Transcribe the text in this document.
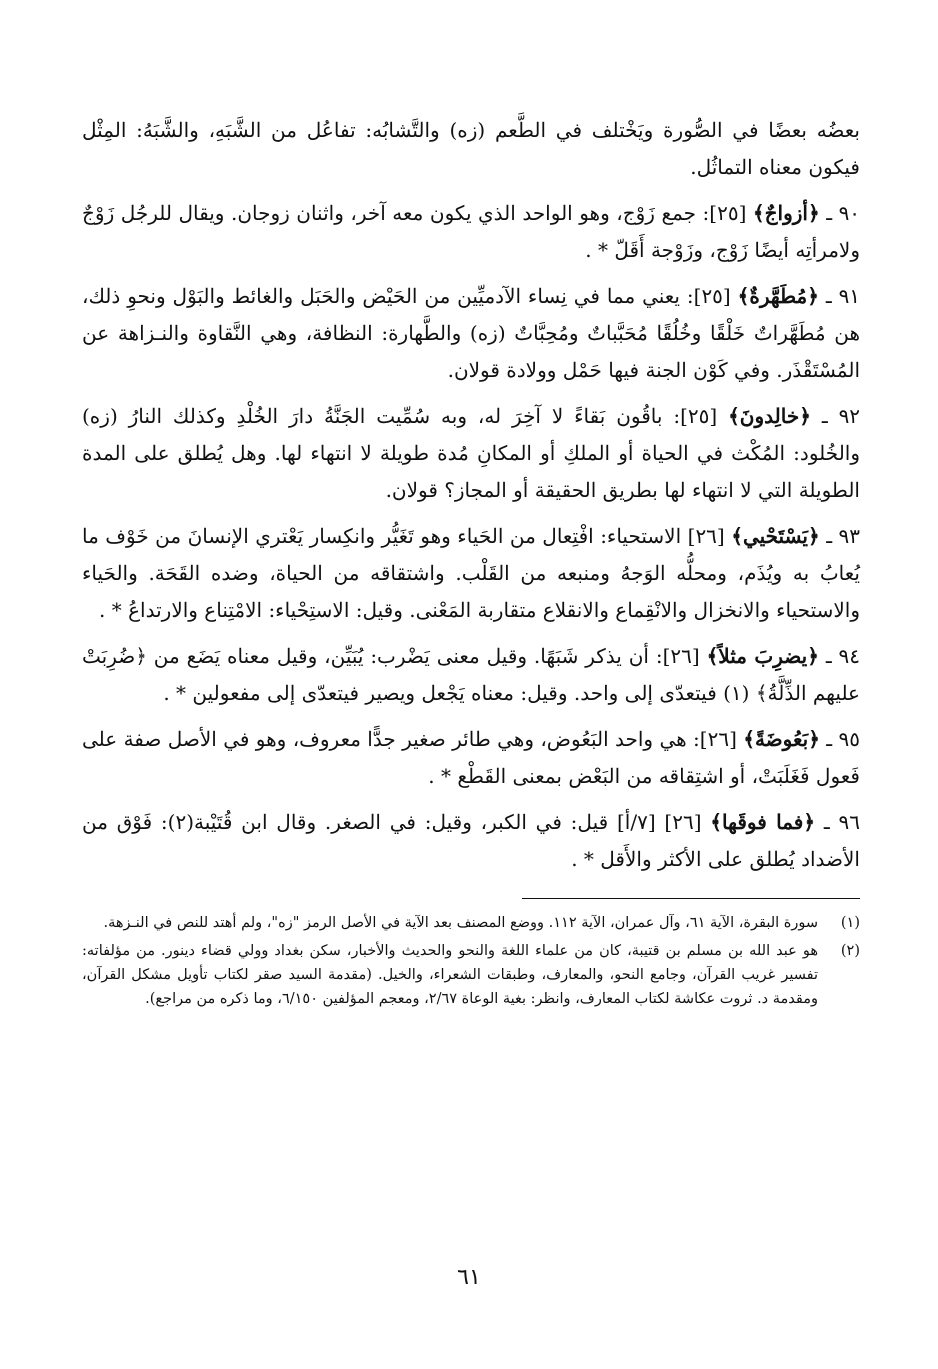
بعضُه بعضًا في الصُّورة ويَخْتلف في الطَّعم (زه) والتَّشابُه: تفاعُل من الشَّبَهِ، والشَّبَهُ: المِثْل فيكون معناه التماثُل.

٩٠ ـ ﴿أزواجٌ﴾ [٢٥]: جمع زَوْج، وهو الواحد الذي يكون معه آخر، واثنان زوجان. ويقال للرجُل زَوْجٌ ولامرأتِه أيضًا زَوْج، وزَوْجة أَقَلّ * .

٩١ ـ ﴿مُطَهَّرةٌ﴾ [٢٥]: يعني مما في نِساء الآدميِّين من الحَيْض والحَبَل والغائط والبَوْل ونحوِ ذلك، هن مُطَهَّراتٌ خَلْقًا وخُلُقًا مُحَبَّباتٌ ومُحِبَّاتٌ (زه) والطَّهارة: النظافة، وهي النَّقاوة والنـزاهة عن المُسْتَقْذَر. وفي كَوْن الجنة فيها حَمْل وولادة قولان.

٩٢ ـ ﴿خالِدونَ﴾ [٢٥]: باقُون بَقاءً لا آخِرَ له، وبه سُمِّيت الجَنَّةُ دارَ الخُلْدِ وكذلك النارُ (زه) والخُلود: المُكْث في الحياة أو الملكِ أو المكانِ مُدة طويلة لا انتهاء لها. وهل يُطلق على المدة الطويلة التي لا انتهاء لها بطريق الحقيقة أو المجاز؟ قولان.

٩٣ ـ ﴿يَسْتَحْيي﴾ [٢٦] الاستحياء: افْتِعال من الحَياء وهو تَغَيُّر وانكِسار يَعْتري الإنسانَ من خَوْف ما يُعابُ به ويُذَم، ومحلُّه الوَجهُ ومنبعه من القَلْب. واشتقاقه من الحياة، وضده القَحَة. والحَياء والاستحياء والانخزال والانْقِماع والانقلاع متقاربة المَعْنى. وقيل: الاستِحْياء: الامْتِناع والارتداعُ * .

٩٤ ـ ﴿يضرِبَ مثلاً﴾ [٢٦]: أن يذكر شَبَهًا. وقيل معنى يَضْرب: يُبَيِّن، وقيل معناه يَضَع من ﴿ضُرِبَتْ عليهم الذِّلَّةُ﴾ (١) فيتعدّى إلى واحد. وقيل: معناه يَجْعل ويصير فيتعدّى إلى مفعولين * .

٩٥ ـ ﴿بَعُوضَةً﴾ [٢٦]: هي واحد البَعُوض، وهي طائر صغير جدًّا معروف، وهو في الأصل صفة على فَعول فَغَلَبَتْ، أو اشتِقاقه من البَعْض بمعنى القَطْع * .

٩٦ ـ ﴿فما فوقَها﴾ [٢٦] [٧/أ] قيل: في الكبر، وقيل: في الصغر. وقال ابن قُتَيْبة(٢): فَوْق من الأضداد يُطلق على الأكثر والأَقل * .

(١)
سورة البقرة، الآية ٦١، وآل عمران، الآية ١١٢. ووضع المصنف بعد الآية في الأصل الرمز "زه"، ولم أهتد للنص في النـزهة.

(٢)
هو عبد الله بن مسلم بن قتيبة، كان من علماء اللغة والنحو والحديث والأخبار، سكن بغداد وولي قضاء دينور. من مؤلفاته: تفسير غريب القرآن، وجامع النحو، والمعارف، وطبقات الشعراء، والخيل. (مقدمة السيد صقر لكتاب تأويل مشكل القرآن، ومقدمة د. ثروت عكاشة لكتاب المعارف، وانظر: بغية الوعاة ٢/٦٧، ومعجم المؤلفين ٦/١٥٠، وما ذكره من مراجع).

٦١
